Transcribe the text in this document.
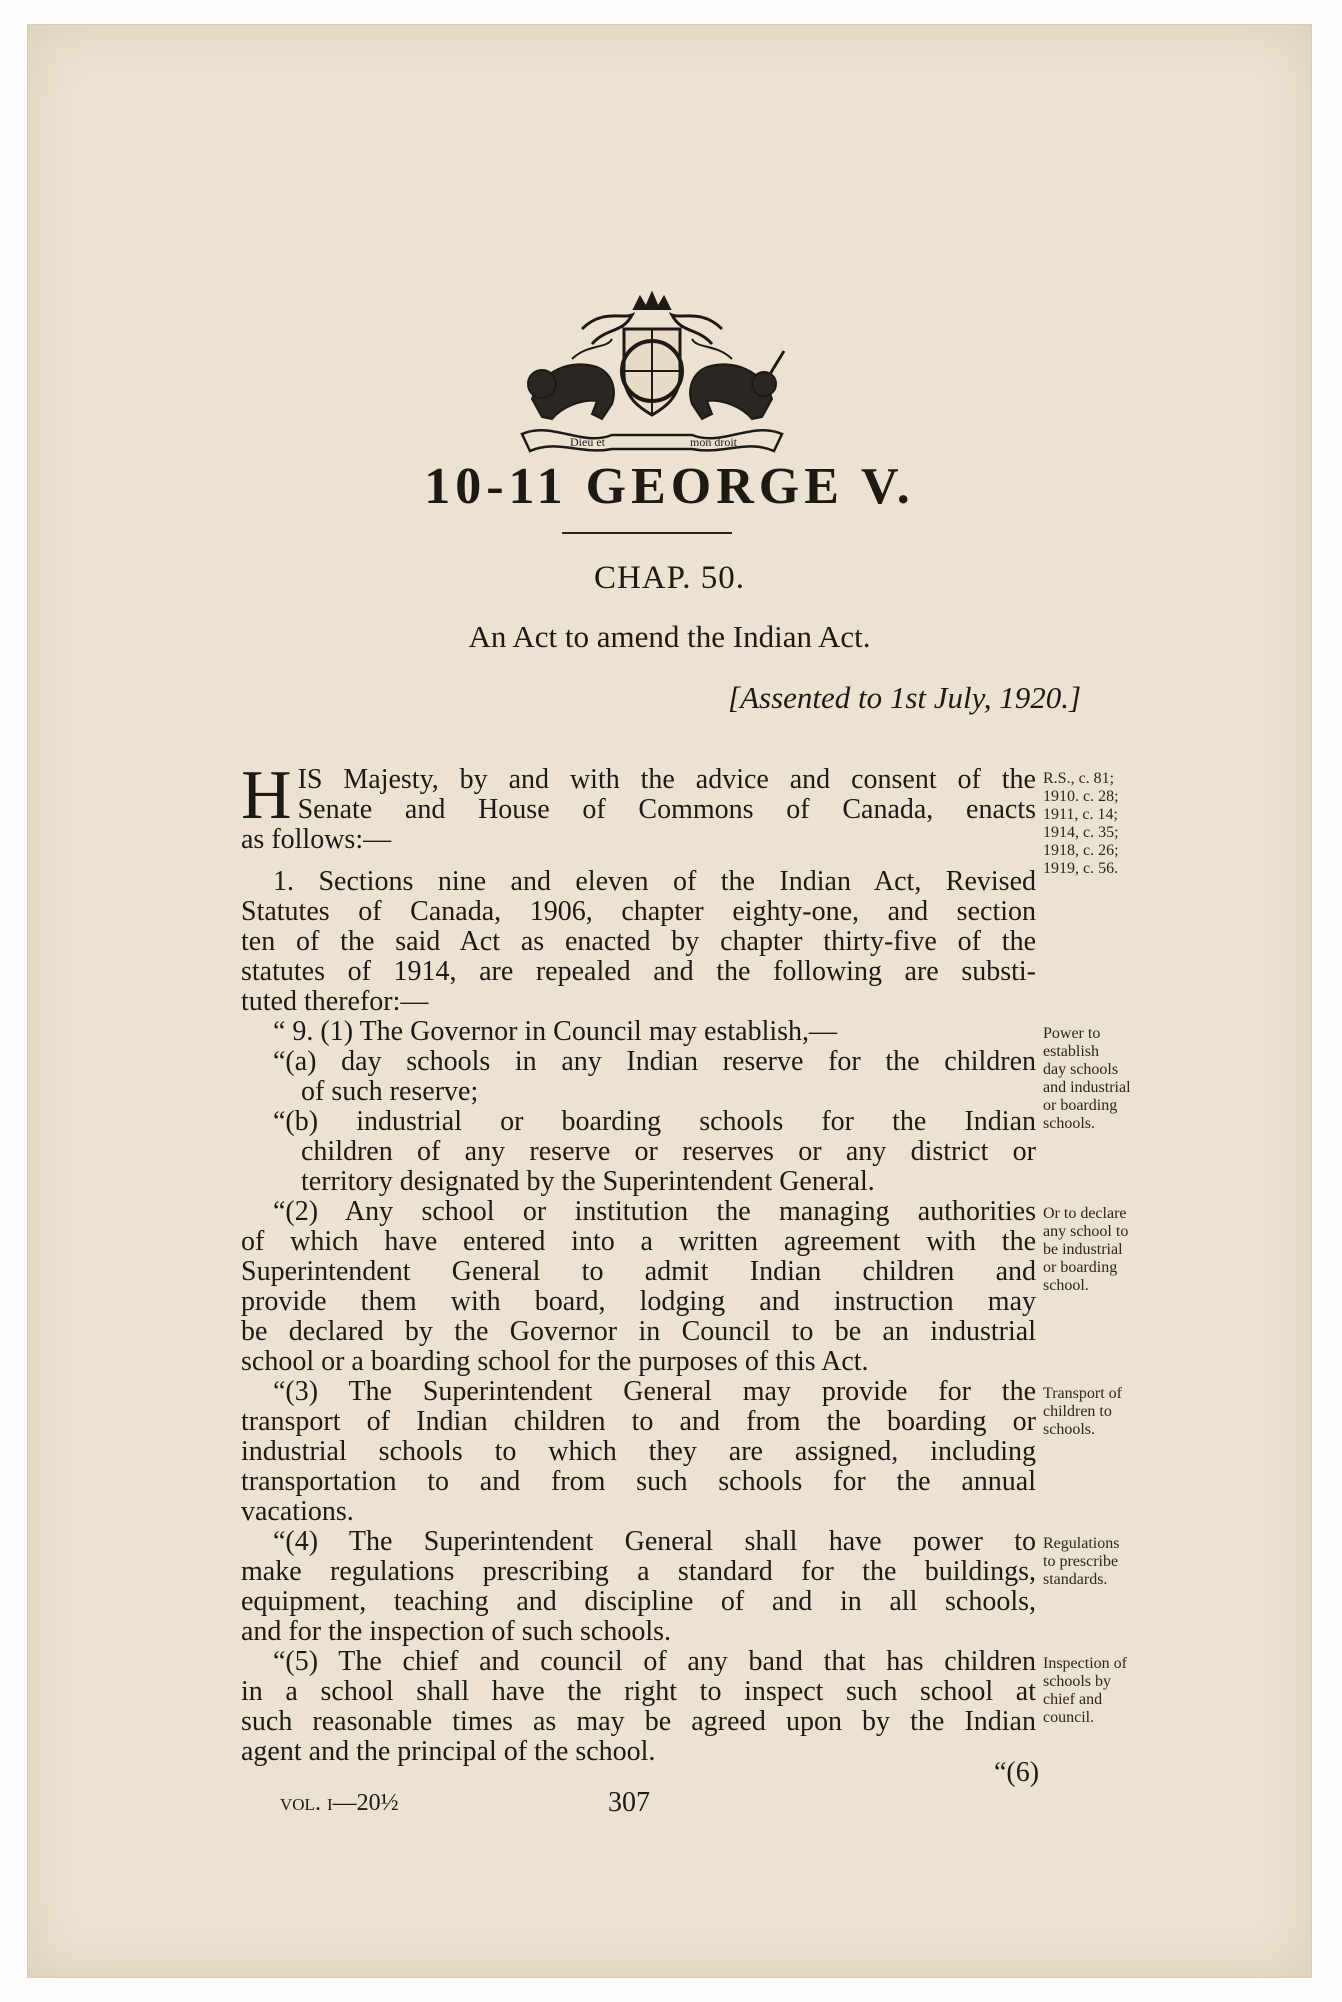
Dieu et	mon droit
10-11 GEORGE V.
CHAP. 50.
An Act to amend the Indian Act.
[Assented to 1st July, 1920.]
H IS Majesty, by and with the advice and consent of the
Senate and House of Commons of Canada, enacts
as follows:—
1. Sections nine and eleven of the Indian Act, Revised
Statutes of Canada, 1906, chapter eighty-one, and section
ten of the said Act as enacted by chapter thirty-five of the
statutes of 1914, are repealed and the following are substi-
tuted therefor:—
“ 9. (1) The Governor in Council may establish,—
“(a) day schools in any Indian reserve for the children
of such reserve;
“(b) industrial or boarding schools for the Indian
children of any reserve or reserves or any district or
territory designated by the Superintendent General.
“(2) Any school or institution the managing authorities
of which have entered into a written agreement with the
Superintendent General to admit Indian children and
provide them with board, lodging and instruction may
be declared by the Governor in Council to be an industrial
school or a boarding school for the purposes of this Act.
“(3) The Superintendent General may provide for the
transport of Indian children to and from the boarding or
industrial schools to which they are assigned, including
transportation to and from such schools for the annual
vacations.
“(4) The Superintendent General shall have power to
make regulations prescribing a standard for the buildings,
equipment, teaching and discipline of and in all schools,
and for the inspection of such schools.
“(5) The chief and council of any band that has children
in a school shall have the right to inspect such school at
such reasonable times as may be agreed upon by the Indian
agent and the principal of the school.
R.S., c. 81;
1910. c. 28;
1911, c. 14;
1914, c. 35;
1918, c. 26;
1919, c. 56.
Power to
establish
day schools
and industrial
or boarding
schools.
Or to declare
any school to
be industrial
or boarding
school.
Transport of
children to
schools.
Regulations
to prescribe
standards.
Inspection of
schools by
chief and
council.
“(6)
vol. i—20½	307
